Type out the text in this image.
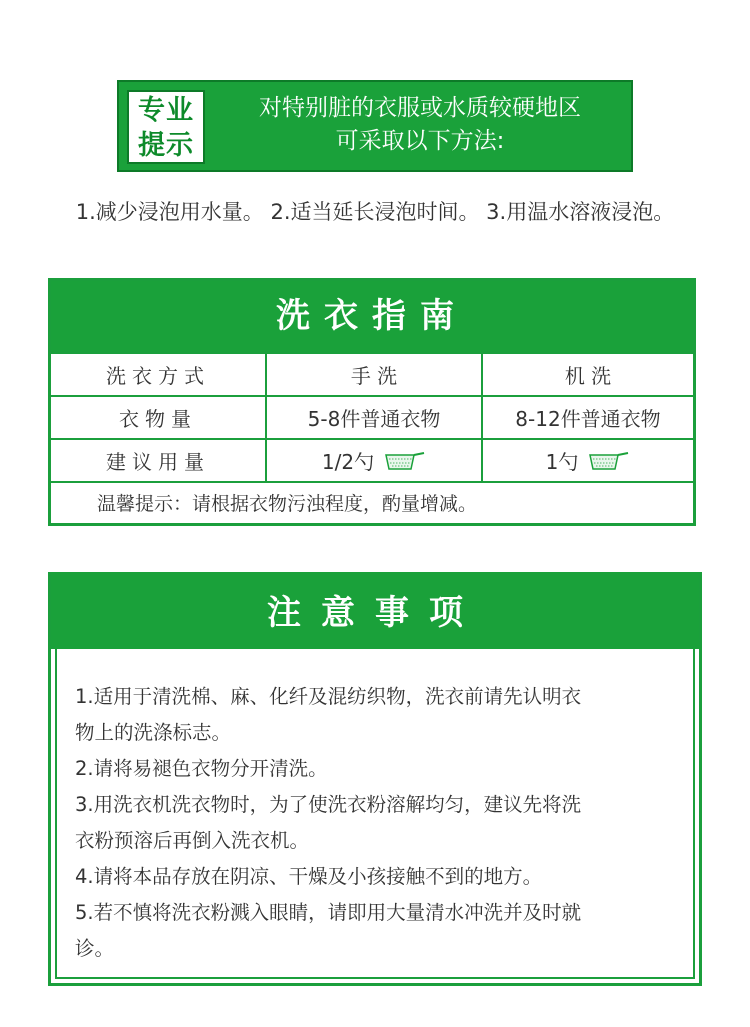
专业
提示
对特别脏的衣服或水质较硬地区
可采取以下方法:
1.减少浸泡用水量。 2.适当延长浸泡时间。 3.用温水溶液浸泡。
洗衣指南
洗衣方式	手 洗	机 洗
衣物量	5-8件普通衣物	8-12件普通衣物
建议用量	1/2勺	1勺
温馨提示：请根据衣物污浊程度，酌量增减。
注意事项

1.适用于清洗棉、麻、化纤及混纺织物，洗衣前请先认明衣

物上的洗涤标志。

2.请将易褪色衣物分开清洗。

3.用洗衣机洗衣物时，为了使洗衣粉溶解均匀，建议先将洗

衣粉预溶后再倒入洗衣机。

4.请将本品存放在阴凉、干燥及小孩接触不到的地方。

5.若不慎将洗衣粉溅入眼睛，请即用大量清水冲洗并及时就

诊。
